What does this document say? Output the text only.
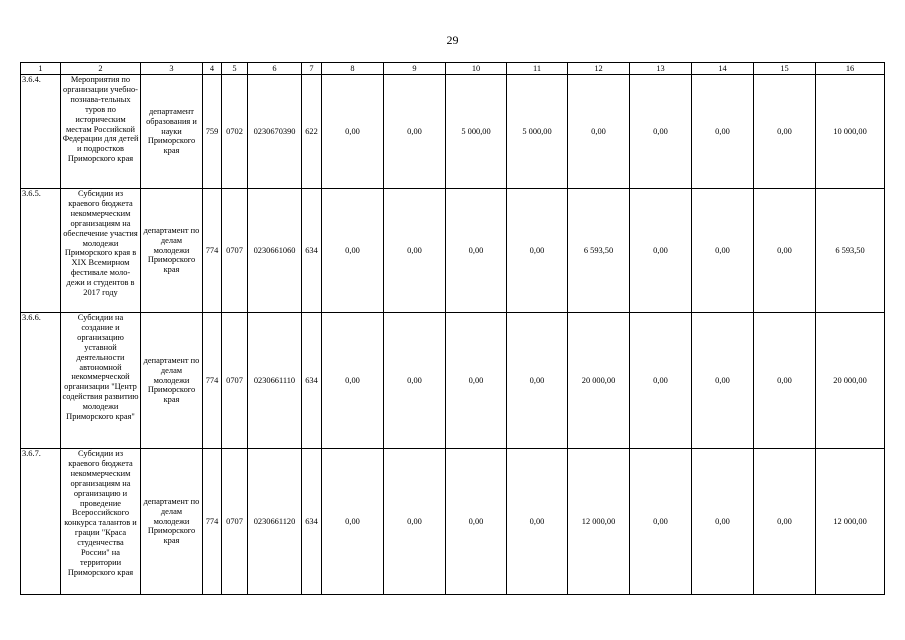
29
1	2	3	4	5	6	7	8	9	10	11	12	13	14	15	16
3.6.4.	Мероприятия по организации учебно-познава-тельных туров по историческим местам Российской Федерации для детей и подростков Приморского края	департамент образования и науки Приморского края	759	0702	0230670390	622	0,00	0,00	5 000,00	5 000,00	0,00	0,00	0,00	0,00	10 000,00
3.6.5.	Субсидии из краевого бюджета некоммерческим организациям на обеспечение участия молодежи Приморского края в XIX Всемирном фестивале моло-дежи и студентов в 2017 году	департамент по делам молодежи Приморского края	774	0707	0230661060	634	0,00	0,00	0,00	0,00	6 593,50	0,00	0,00	0,00	6 593,50
3.6.6.	Субсидии на создание и организацию уставной деятельности автономной некоммерческой организации "Центр содействия развитию молодежи Приморского края"	департамент по делам молодежи Приморского края	774	0707	0230661110	634	0,00	0,00	0,00	0,00	20 000,00	0,00	0,00	0,00	20 000,00
3.6.7.	Субсидии из краевого бюджета некоммерческим организациям на организацию и проведение Всероссийского конкурса талантов и грации "Краса студенчества России" на территории Приморского края	департамент по делам молодежи Приморского края	774	0707	0230661120	634	0,00	0,00	0,00	0,00	12 000,00	0,00	0,00	0,00	12 000,00
